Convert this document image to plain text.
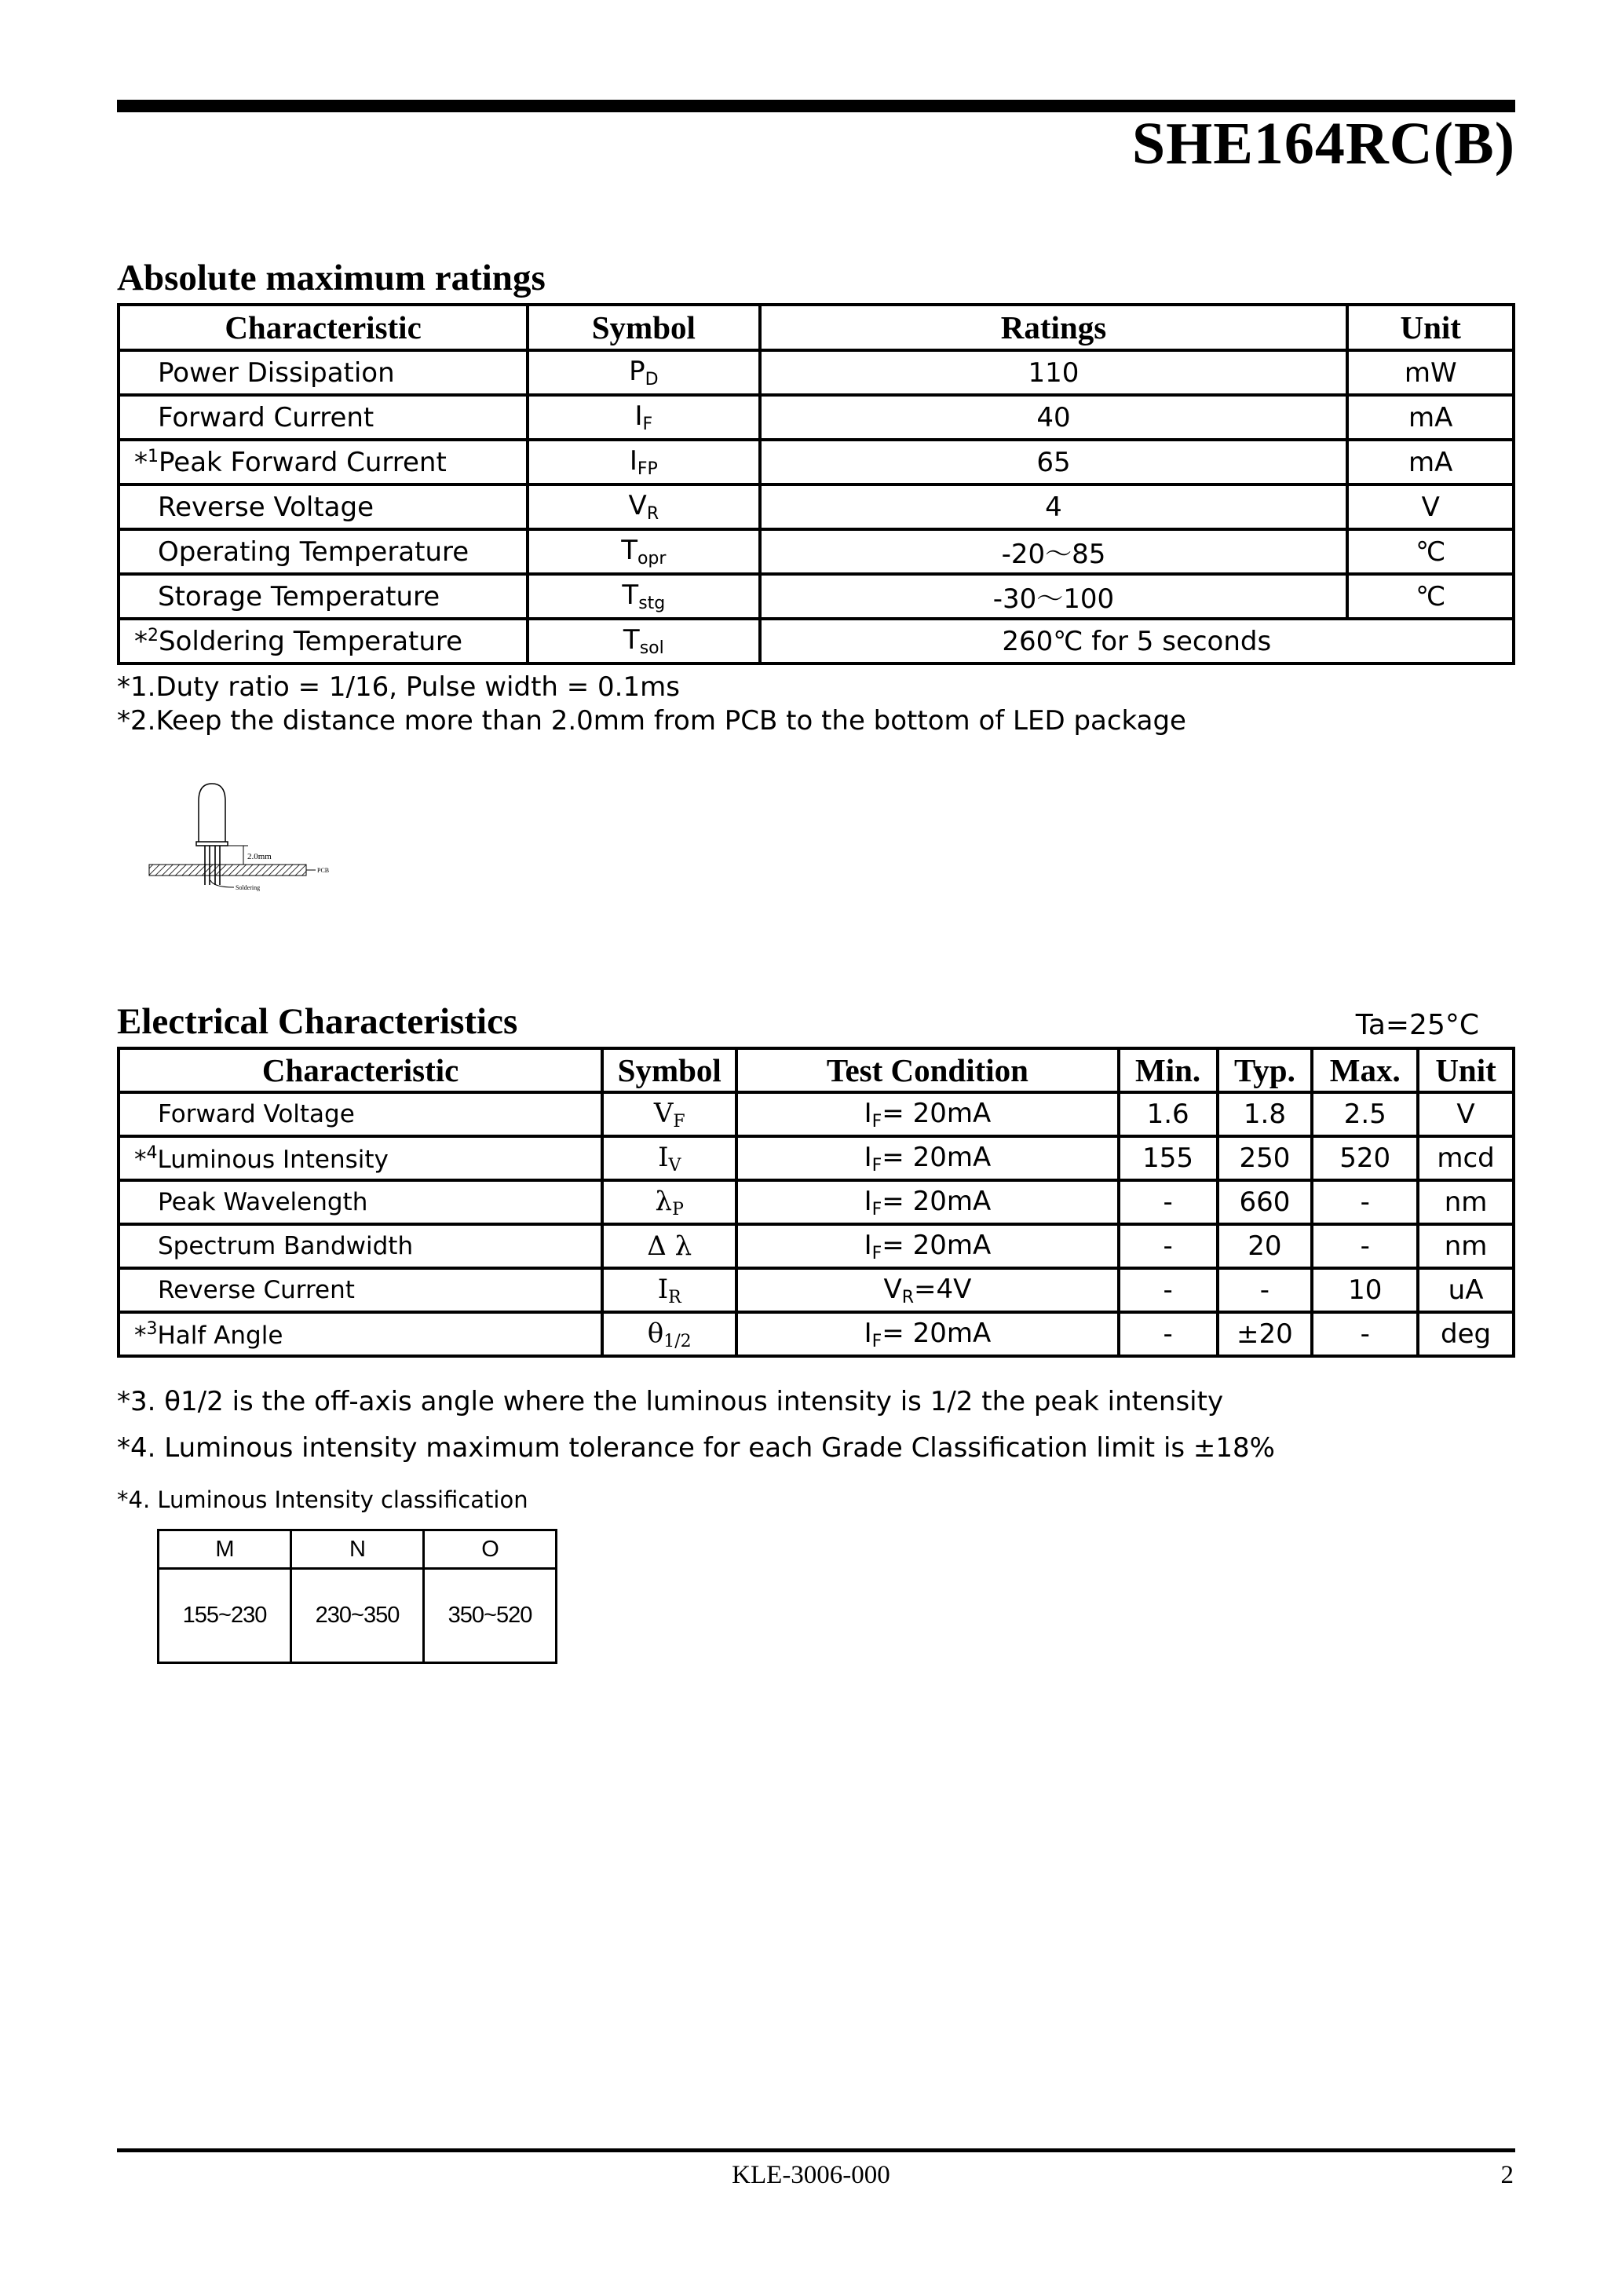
SHE164RC(B)
Absolute maximum ratings
Characteristic	Symbol	Ratings	Unit
Power Dissipation	$P_D$	110	mW
Forward Current	$I_F$	40	mA
*$^1$Peak Forward Current	$I_{FP}$	65	mA
Reverse Voltage	$V_R$	4	V
Operating Temperature	$T_{opr}$	-20～85	℃
Storage Temperature	$T_{stg}$	-30～100	℃
*$^2$Soldering Temperature	$T_{sol}$	260℃ for 5 seconds	
*1.Duty ratio = 1/16, Pulse width = 0.1ms
*2.Keep the distance more than 2.0mm from PCB to the bottom of LED package
2.0mm
PCB
Soldering
Electrical Characteristics	Ta=25°C
Characteristic	Symbol	Test Condition	Min.	Typ.	Max.	Unit
Forward Voltage	$V_F$	$I_F= 20mA$	1.6	1.8	2.5	V
*$^4$Luminous Intensity	$I_V$	$I_F= 20mA$	155	250	520	mcd
Peak Wavelength	$\lambda_P$	$I_F= 20mA$	-	660	-	nm
Spectrum Bandwidth	Δ λ	$I_F= 20mA$	-	20	-	nm
Reverse Current	$I_R$	$V_R=4V$	-	-	10	uA
*$^3$Half Angle	$\theta_{1/2}$	$I_F= 20mA$	-	±20	-	deg
*3. θ1/2 is the off-axis angle where the luminous intensity is 1/2 the peak intensity
*4. Luminous intensity maximum tolerance for each Grade Classification limit is ±18%
*4. Luminous Intensity classification
M	N	O
155~230	230~350	350~520
KLE-3006-000	2
